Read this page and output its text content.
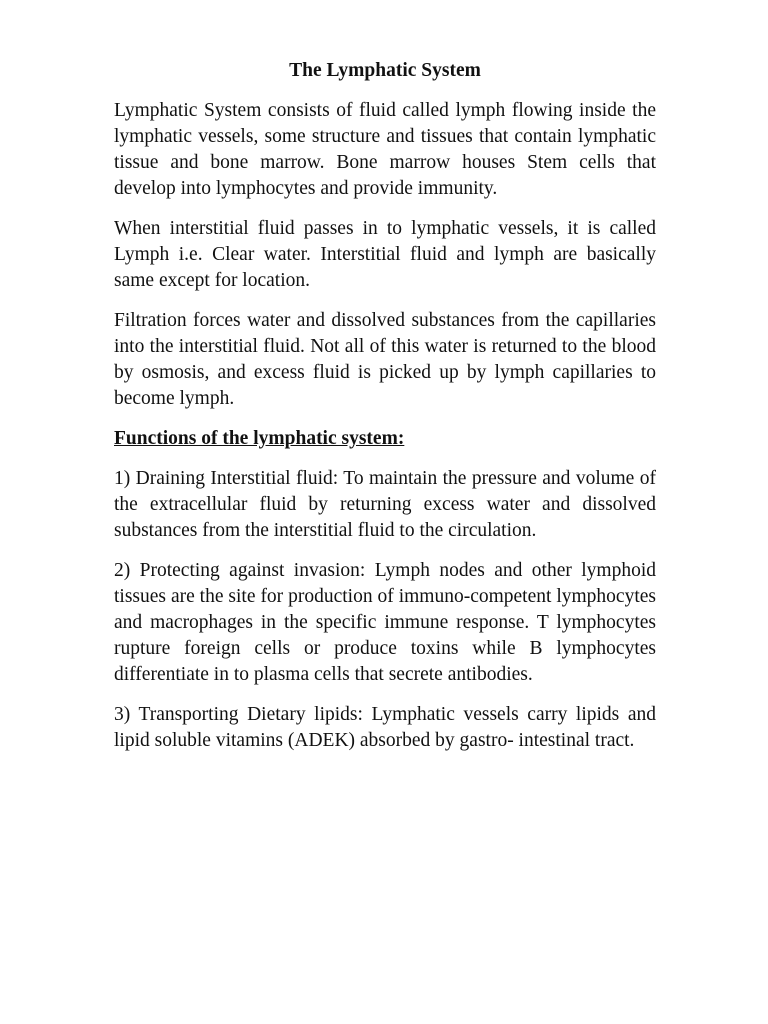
The Lymphatic System

Lymphatic System consists of fluid called lymph flowing inside the lymphatic vessels, some structure and tissues that contain lymphatic tissue and bone marrow. Bone marrow houses Stem cells that develop into lymphocytes and provide immunity.

When interstitial fluid passes in to lymphatic vessels, it is called Lymph i.e. Clear water. Interstitial fluid and lymph are basically same except for location.

Filtration forces water and dissolved substances from the capillaries into the interstitial fluid. Not all of this water is returned to the blood by osmosis, and excess fluid is picked up by lymph capillaries to become lymph.

Functions of the lymphatic system:

1) Draining Interstitial fluid: To maintain the pressure and volume of the extracellular fluid by returning excess water and dissolved substances from the interstitial fluid to the circulation.

2) Protecting against invasion: Lymph nodes and other lymphoid tissues are the site for production of immuno-competent lymphocytes and macrophages in the specific immune response. T lymphocytes rupture foreign cells or produce toxins while B lymphocytes differentiate in to plasma cells that secrete antibodies.

3) Transporting Dietary lipids: Lymphatic vessels carry lipids and lipid soluble vitamins (ADEK) absorbed by gastro- intestinal tract.
